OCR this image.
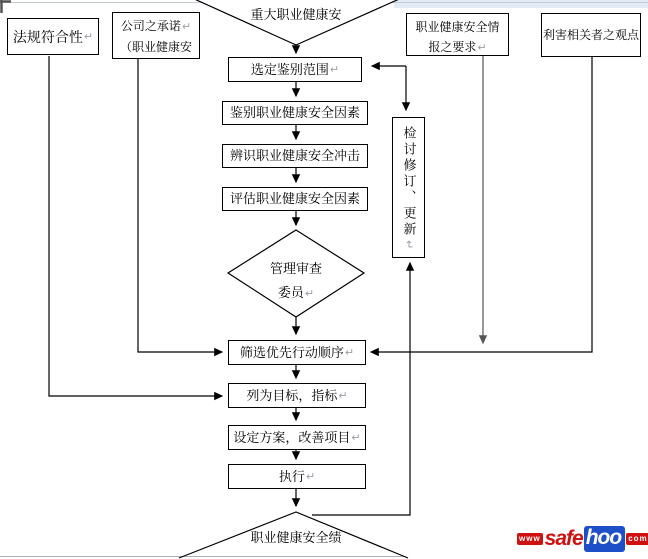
法规符合性 ↵
公司之承诺↵
（职业健康安
重大职业健康安
职业健康安全情
报之要求↵
利害相关者之观点
选定鉴别范围 ↵
鉴别职业健康安全因素
辨识职业健康安全冲击
评估职业健康安全因素	检讨修订、更新
↵
管理审查
委员↵
筛选优先行动顺序 ↵
列为目标，指标 ↵
设定方案，改善项目 ↵
执行 ↵
职业健康安全绩	www safe hoo com
